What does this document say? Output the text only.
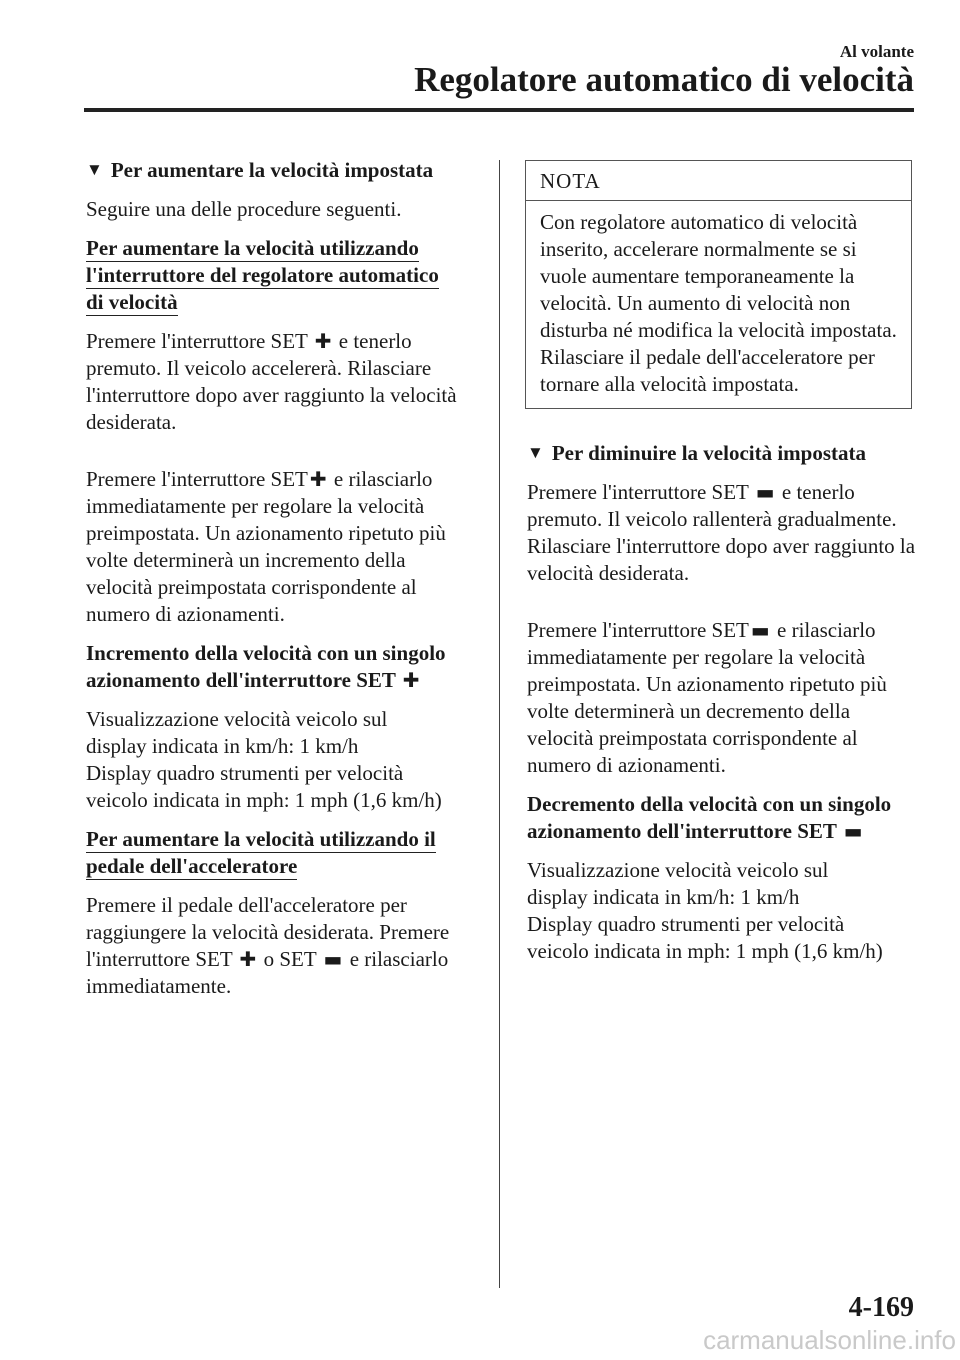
Al volante
Regolatore automatico di velocità
▼ Per aumentare la velocità impostata

Seguire una delle procedure seguenti.

Per aumentare la velocità utilizzando
l'interruttore del regolatore automatico
di velocità

Premere l'interruttore SET ✚ e tenerlo premuto. Il veicolo accelererà. Rilasciare l'interruttore dopo aver raggiunto la velocità desiderata.

Premere l'interruttore SET ✚ e rilasciarlo immediatamente per regolare la velocità preimpostata. Un azionamento ripetuto più volte determinerà un incremento della velocità preimpostata corrispondente al numero di azionamenti.

Incremento della velocità con un singolo azionamento dell'interruttore SET ✚

Visualizzazione velocità veicolo sul
display indicata in km/h: 1 km/h
Display quadro strumenti per velocità
veicolo indicata in mph: 1 mph (1,6 km/h)

Per aumentare la velocità utilizzando il
pedale dell'acceleratore

Premere il pedale dell'acceleratore per raggiungere la velocità desiderata. Premere l'interruttore SET ✚ o SET ▬ e rilasciarlo immediatamente.

NOTA

Con regolatore automatico di velocità inserito, accelerare normalmente se si vuole aumentare temporaneamente la velocità. Un aumento di velocità non disturba né modifica la velocità impostata. Rilasciare il pedale dell'acceleratore per tornare alla velocità impostata.

▼ Per diminuire la velocità impostata

Premere l'interruttore SET ▬ e tenerlo premuto. Il veicolo rallenterà gradualmente.
Rilasciare l'interruttore dopo aver raggiunto la velocità desiderata.

Premere l'interruttore SET ▬ e rilasciarlo immediatamente per regolare la velocità preimpostata. Un azionamento ripetuto più volte determinerà un decremento della velocità preimpostata corrispondente al numero di azionamenti.

Decremento della velocità con un singolo azionamento dell'interruttore SET ▬

Visualizzazione velocità veicolo sul
display indicata in km/h: 1 km/h
Display quadro strumenti per velocità
veicolo indicata in mph: 1 mph (1,6 km/h)

4-169
carmanualsonline.info
